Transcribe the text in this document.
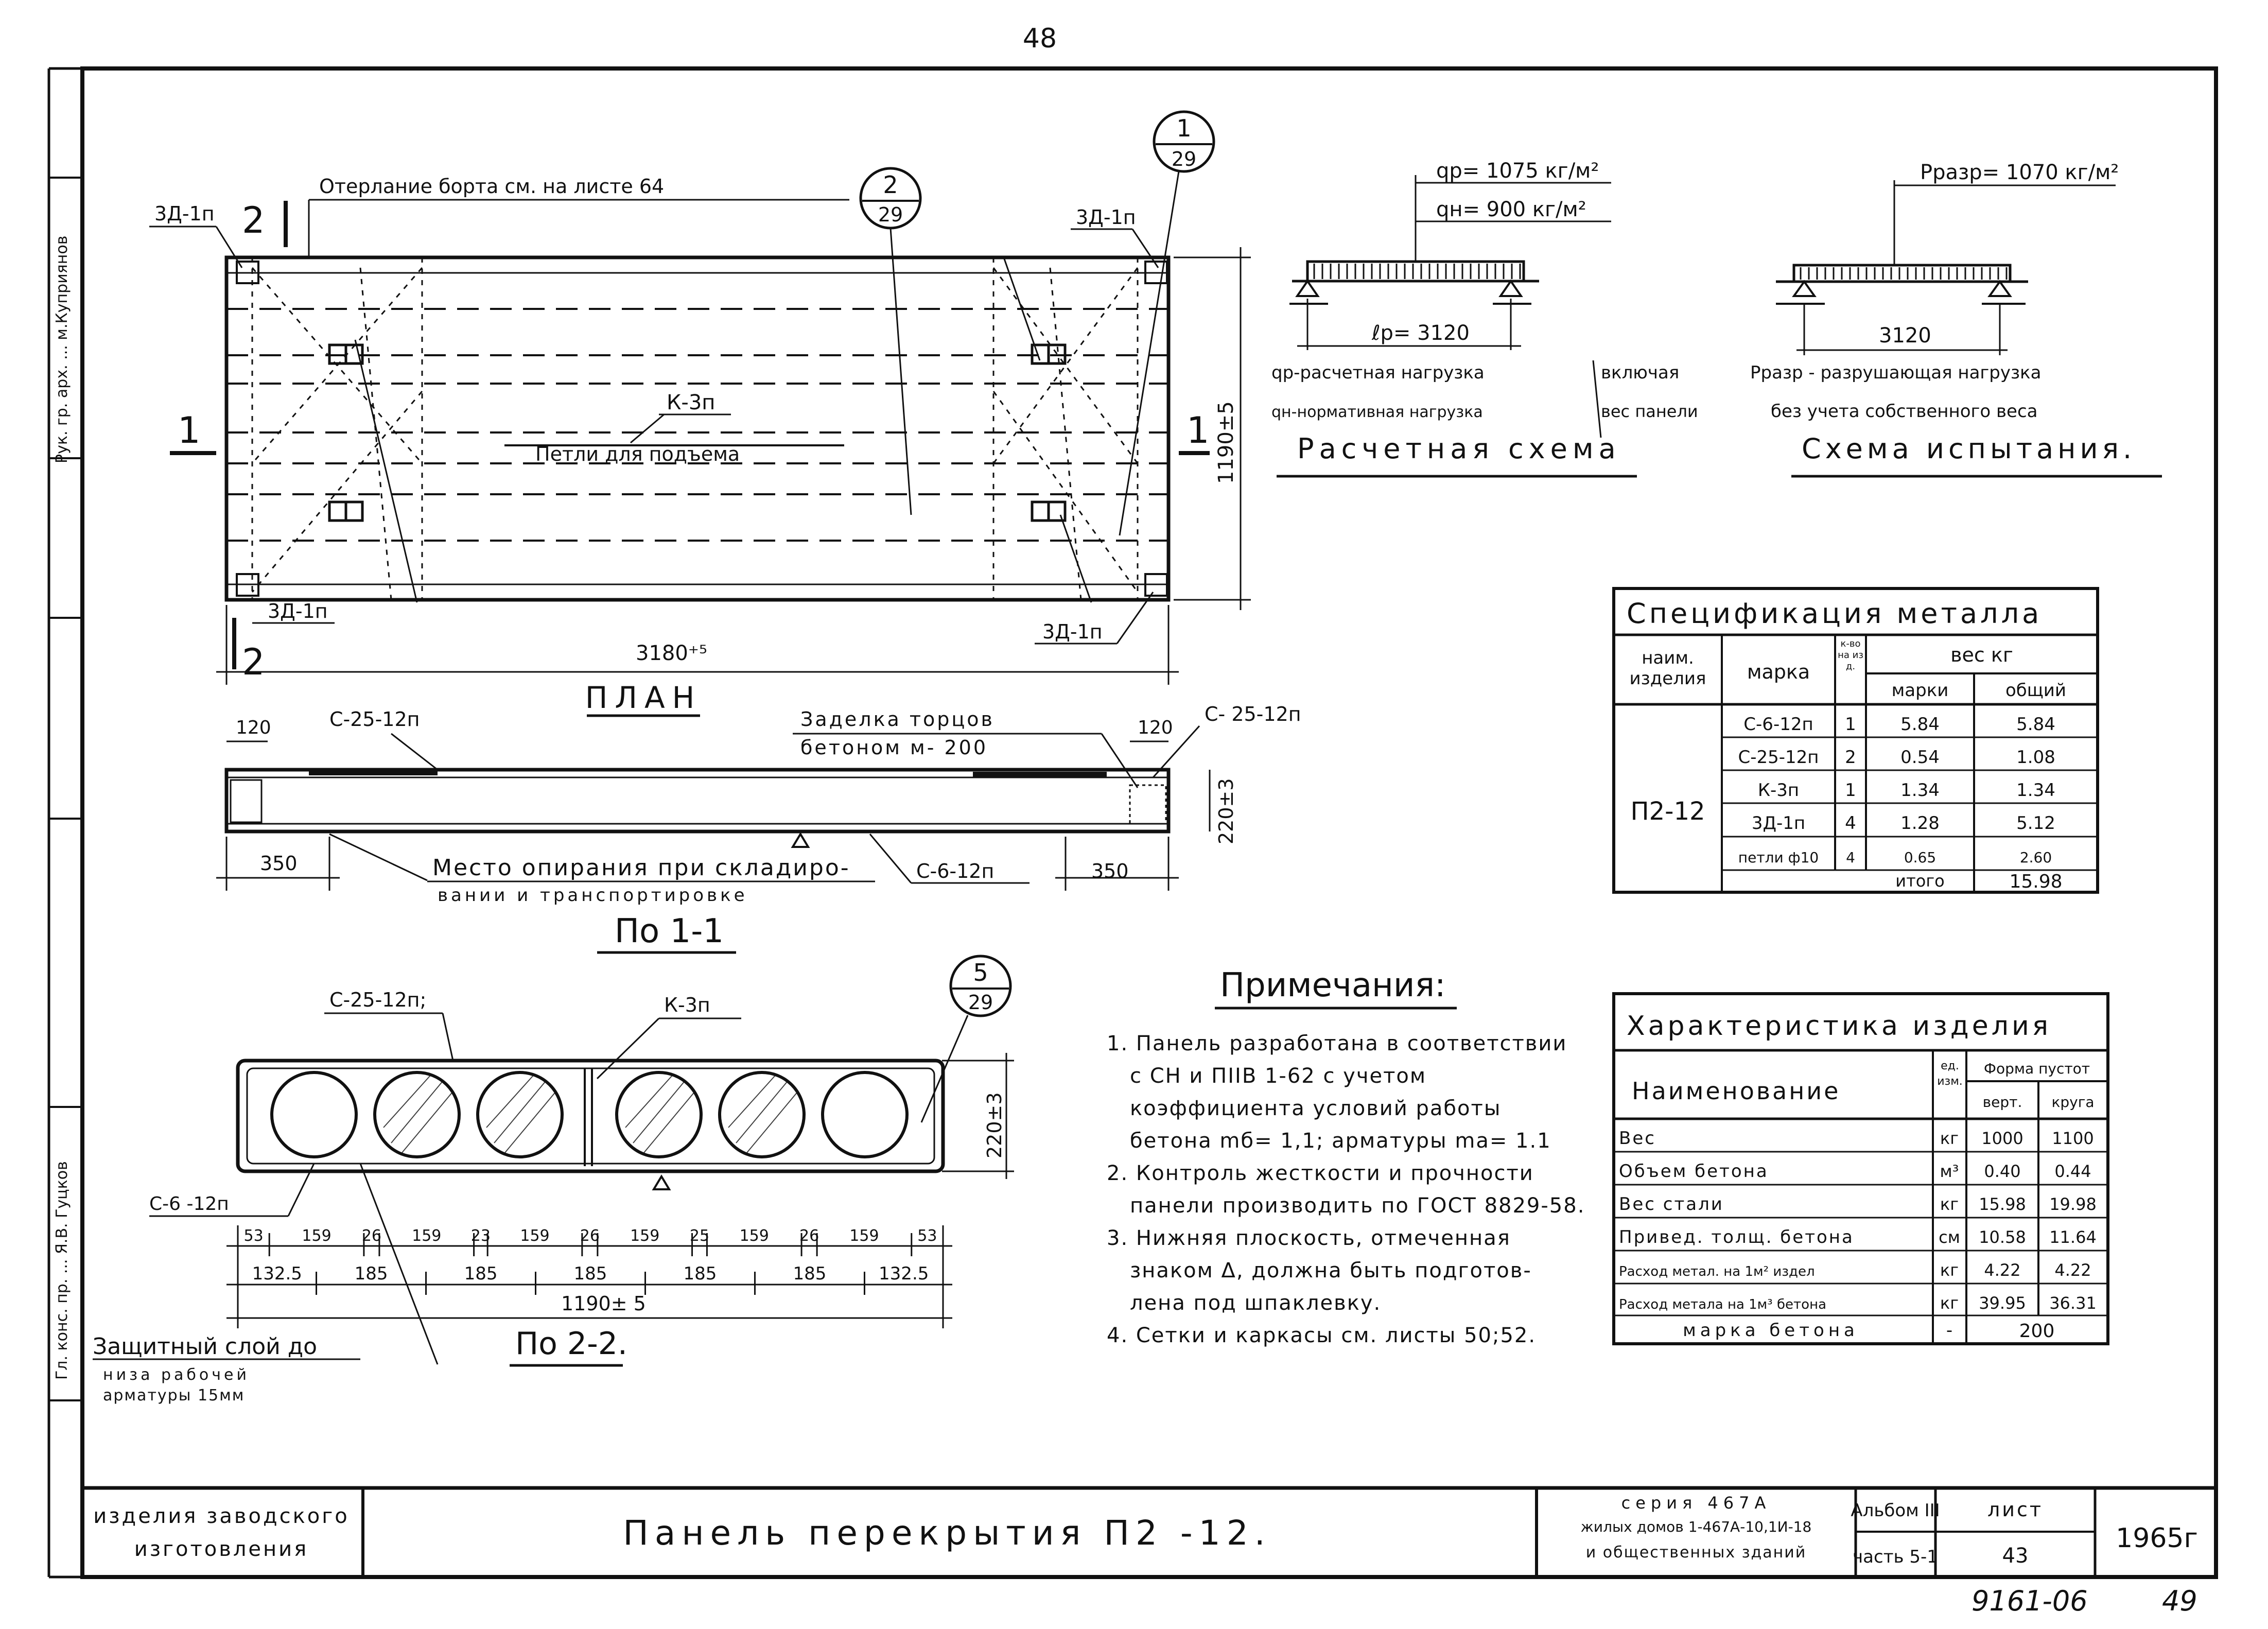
48
Рук. гр. арх. ... м.Куприянов
Гл. конс. пр. ... Я.В. Гуцков
3Д-1п	3Д-1п
3Д-1п
3Д-1п
Отерлание борта см. на листе 64	2
29
1
29
2
2
1	1
К-3п
Петли для подъема	1190±5
3180⁺⁵
ПЛАН
120	120
С-25-12п	С- 25-12п
Заделка торцов
бетоном м- 200
220±3
350	350
Место опирания при складиро-
вании и транспортировке
С-6-12п
По 1-1
220±3
5
29
С-25-12п;	К-3п
С-6 -12п
53 159 26 159 23 159 26 159 25 159 26 159 53
132.5	185	185	185	185	185	132.5
1190± 5
Защитный слой до
низа рабочей
арматуры 15мм
По 2-2.
qр= 1075 кг/м²
qн= 900 кг/м²
ℓр= 3120
qр-расчетная нагрузка	включая
qн-нормативная нагрузка	вес панели
Расчетная схема
Рразр= 1070 кг/м²
3120
Рразр - разрушающая нагрузка
без учета собственного веса
Схема испытания.
Спецификация металла
наим. изделия	марка
к-во на изд.
вес кг
марки	общий
П2-12
С-6-12п 1	5.84	5.84
С-25-12п 2	0.54	1.08
К-3п	1	1.34	1.34
3Д-1п 4	1.28	5.12
петли ф10 4	0.65	2.60
итого	15.98
Примечания:
1. Панель разработана в соответствии
с СН и ПIIВ 1-62 с учетом
коэффициента условий работы
бетона mб= 1,1; арматуры mа= 1.1
2. Контроль жесткости и прочности
панели производить по ГОСТ 8829-58.
3. Нижняя плоскость, отмеченная
знаком Δ, должна быть подготов-
лена под шпаклевку.
4. Сетки и каркасы см. листы 50;52.
Характеристика изделия
Наименование
ед. изм.
Форма пустот
верт. круга
Вес	кг 1000 1100
Объем бетона	м³ 0.40 0.44
Вес стали	кг 15.98 19.98
Привед. толщ. бетона	см 10.58 11.64
Расход метал. на 1м² издел	кг 4.22 4.22
Расход метала на 1м³ бетона	кг 39.95 36.31
марка бетона	-	200
изделия заводского
изготовления	Панель перекрытия П2 -12.
серия 467А
жилых домов 1-467А-10,1И-18
и общественных зданий
Альбом III
часть 5-1
лист
43
1965г
9161-06	49
